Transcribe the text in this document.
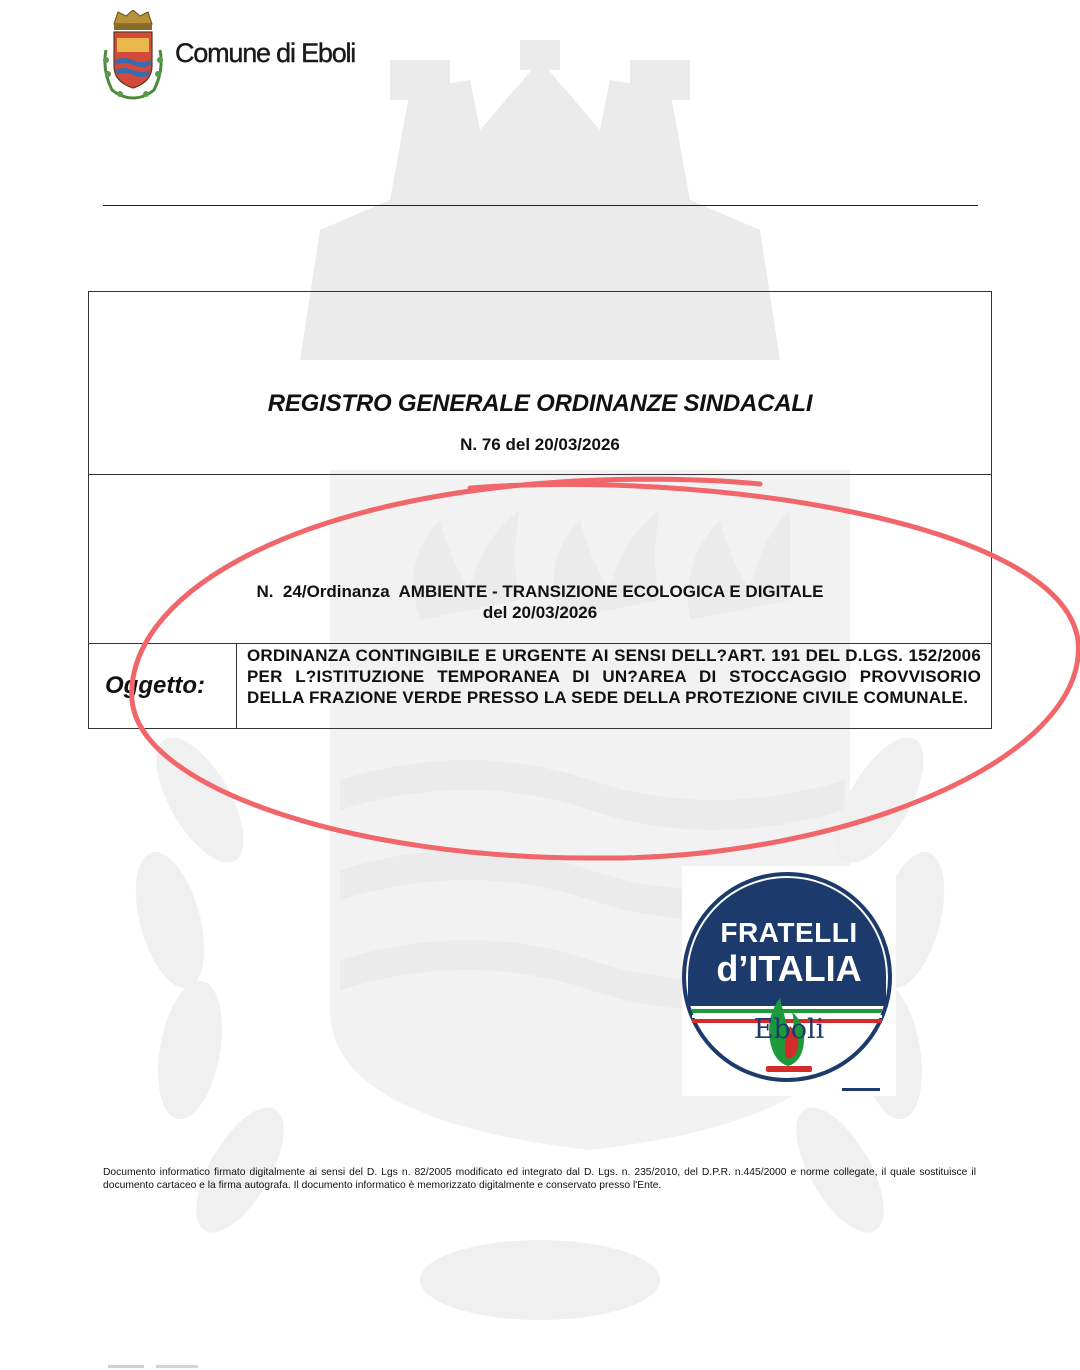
Comune di Eboli
REGISTRO GENERALE ORDINANZE SINDACALI
N. 76 del 20/03/2026

N.  24/Ordinanza  AMBIENTE - TRANSIZIONE ECOLOGICA E DIGITALE
del 20/03/2026

Oggetto:	ORDINANZA CONTINGIBILE E URGENTE AI SENSI DELL?ART. 191 DEL D.LGS. 152/2006 PER L?ISTITUZIONE TEMPORANEA DI UN?AREA DI STOCCAGGIO PROVVISORIO DELLA FRAZIONE VERDE PRESSO LA SEDE DELLA PROTEZIONE CIVILE COMUNALE.
FRATELLI
d’ITALIA
Eboli
Documento informatico firmato digitalmente ai sensi del D. Lgs n. 82/2005 modificato ed integrato dal D. Lgs. n. 235/2010, del D.P.R. n.445/2000 e norme collegate, il quale sostituisce il documento cartaceo e la firma autografa. Il documento informatico è memorizzato digitalmente e conservato presso l'Ente.
